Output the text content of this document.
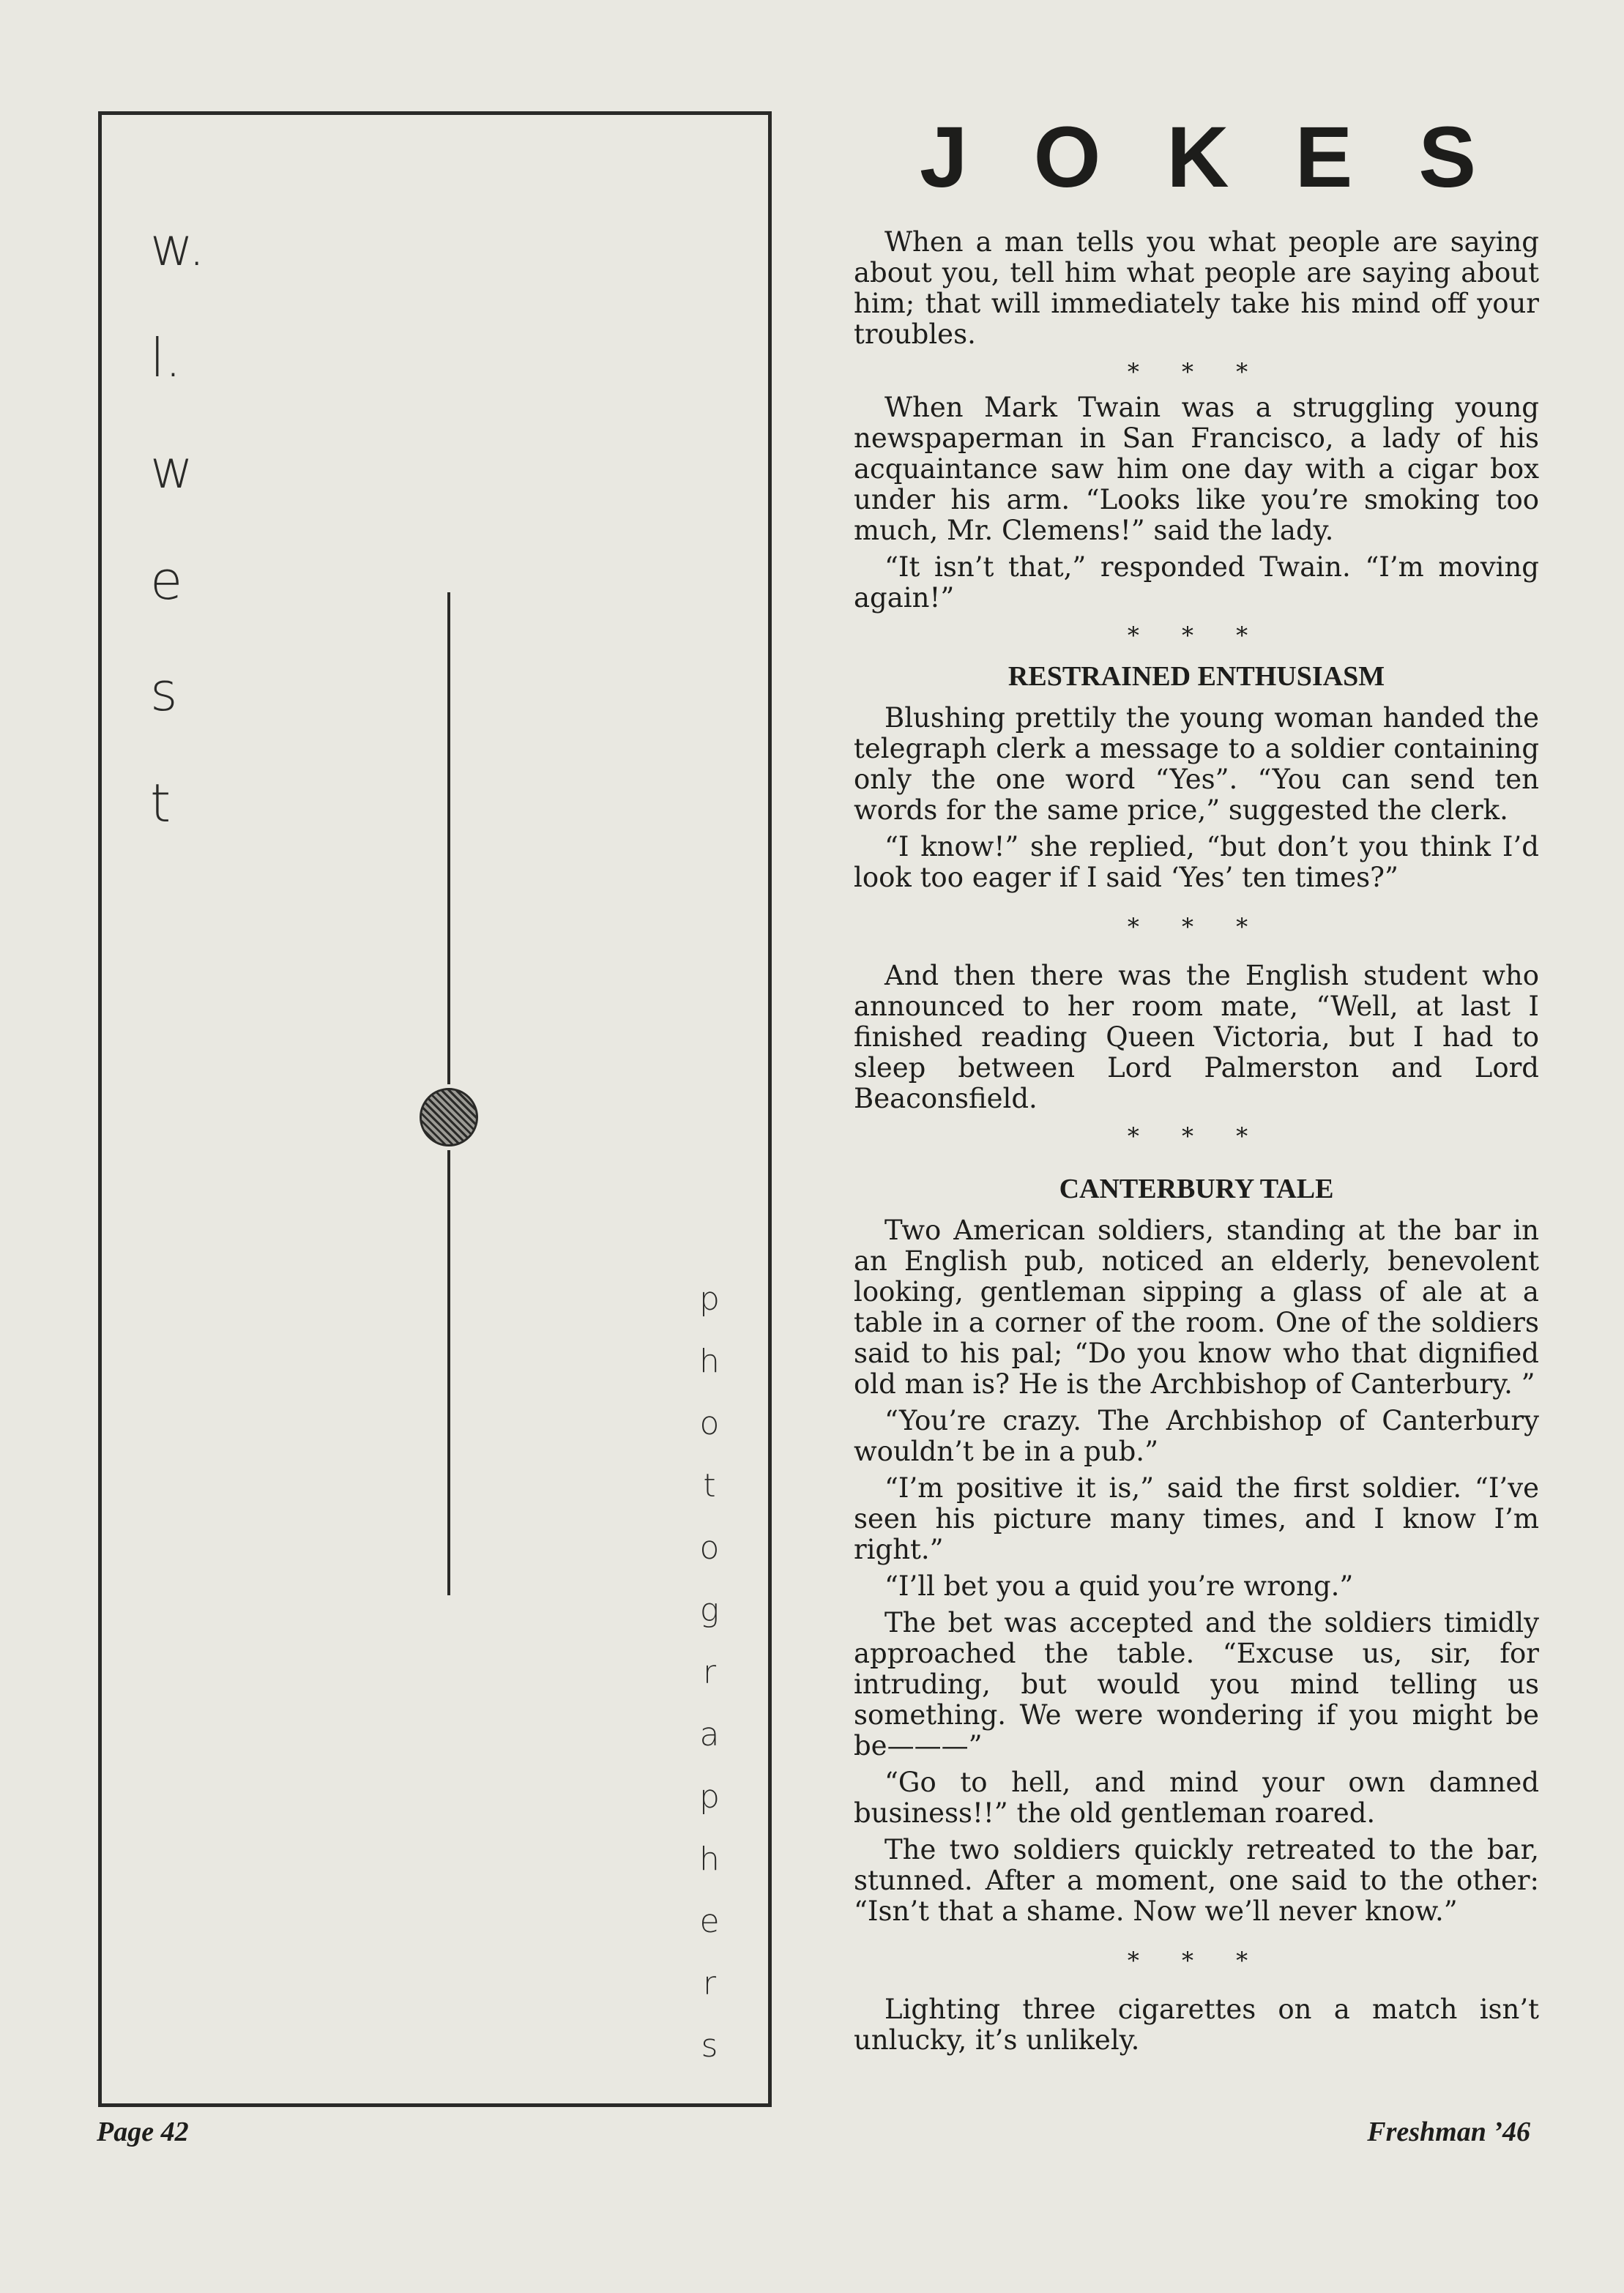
w.
l.
w
e
s
t
p
h
o
t
o
g
r
a
p
h
e
r
s
JOKES

When a man tells you what people are saying about you, tell him what people are saying about him; that will immediately take his mind off your troubles.

* * *

When Mark Twain was a struggling young newspaperman in San Francisco, a lady of his acquaintance saw him one day with a cigar box under his arm. “Looks like you’re smoking too much, Mr. Clemens!” said the lady.

“It isn’t that,” responded Twain. “I’m moving again!”

* * *
RESTRAINED ENTHUSIASM

Blushing prettily the young woman handed the telegraph clerk a message to a soldier containing only the one word “Yes”. “You can send ten words for the same price,” suggested the clerk.

“I know!” she replied, “but don’t you think I’d look too eager if I said ‘Yes’ ten times?”

* * *

And then there was the English student who announced to her room mate, “Well, at last I finished reading Queen Victoria, but I had to sleep between Lord Palmerston and Lord Beaconsfield.

* * *
CANTERBURY TALE

Two American soldiers, standing at the bar in an English pub, noticed an elderly, benevolent looking, gentleman sipping a glass of ale at a table in a corner of the room. One of the soldiers said to his pal; “Do you know who that dignified old man is? He is the Archbishop of Canterbury. ”

“You’re crazy. The Archbishop of Canterbury wouldn’t be in a pub.”

“I’m positive it is,” said the first soldier. “I’ve seen his picture many times, and I know I’m right.”

“I’ll bet you a quid you’re wrong.”

The bet was accepted and the soldiers timidly approached the table. “Excuse us, sir, for intruding, but would you mind telling us something. We were wondering if you might be be———”

“Go to hell, and mind your own damned business!!” the old gentleman roared.

The two soldiers quickly retreated to the bar, stunned. After a moment, one said to the other: “Isn’t that a shame. Now we’ll never know.”

* * *

Lighting three cigarettes on a match isn’t unlucky, it’s unlikely.

Page 42	Freshman ’46
